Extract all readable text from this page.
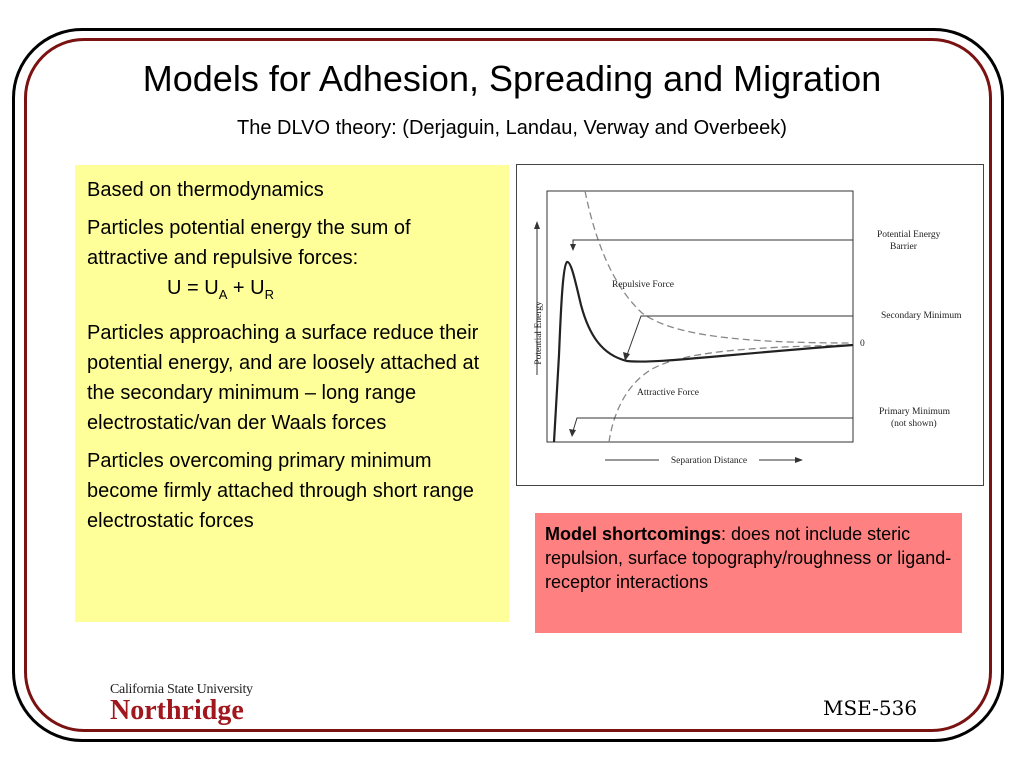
Models for Adhesion, Spreading and Migration
The DLVO theory: (Derjaguin, Landau, Verway and Overbeek)

Based on thermodynamics

Particles potential energy the sum of attractive and repulsive forces:
$U = U_A + U_R$

Particles approaching a surface reduce their potential energy, and are loosely attached at the secondary minimum – long range electrostatic/van der Waals forces

Particles overcoming primary minimum become firmly attached through short range electrostatic forces

Potential Energy	0
Repulsive Force
Attractive Force
Potential Energy
Barrier
Secondary Minimum
Primary Minimum
(not shown)
Separation Distance
Model shortcomings: does not include steric repulsion, surface topography/roughness or ligand-receptor interactions
California State University
Northridge	MSE-536
